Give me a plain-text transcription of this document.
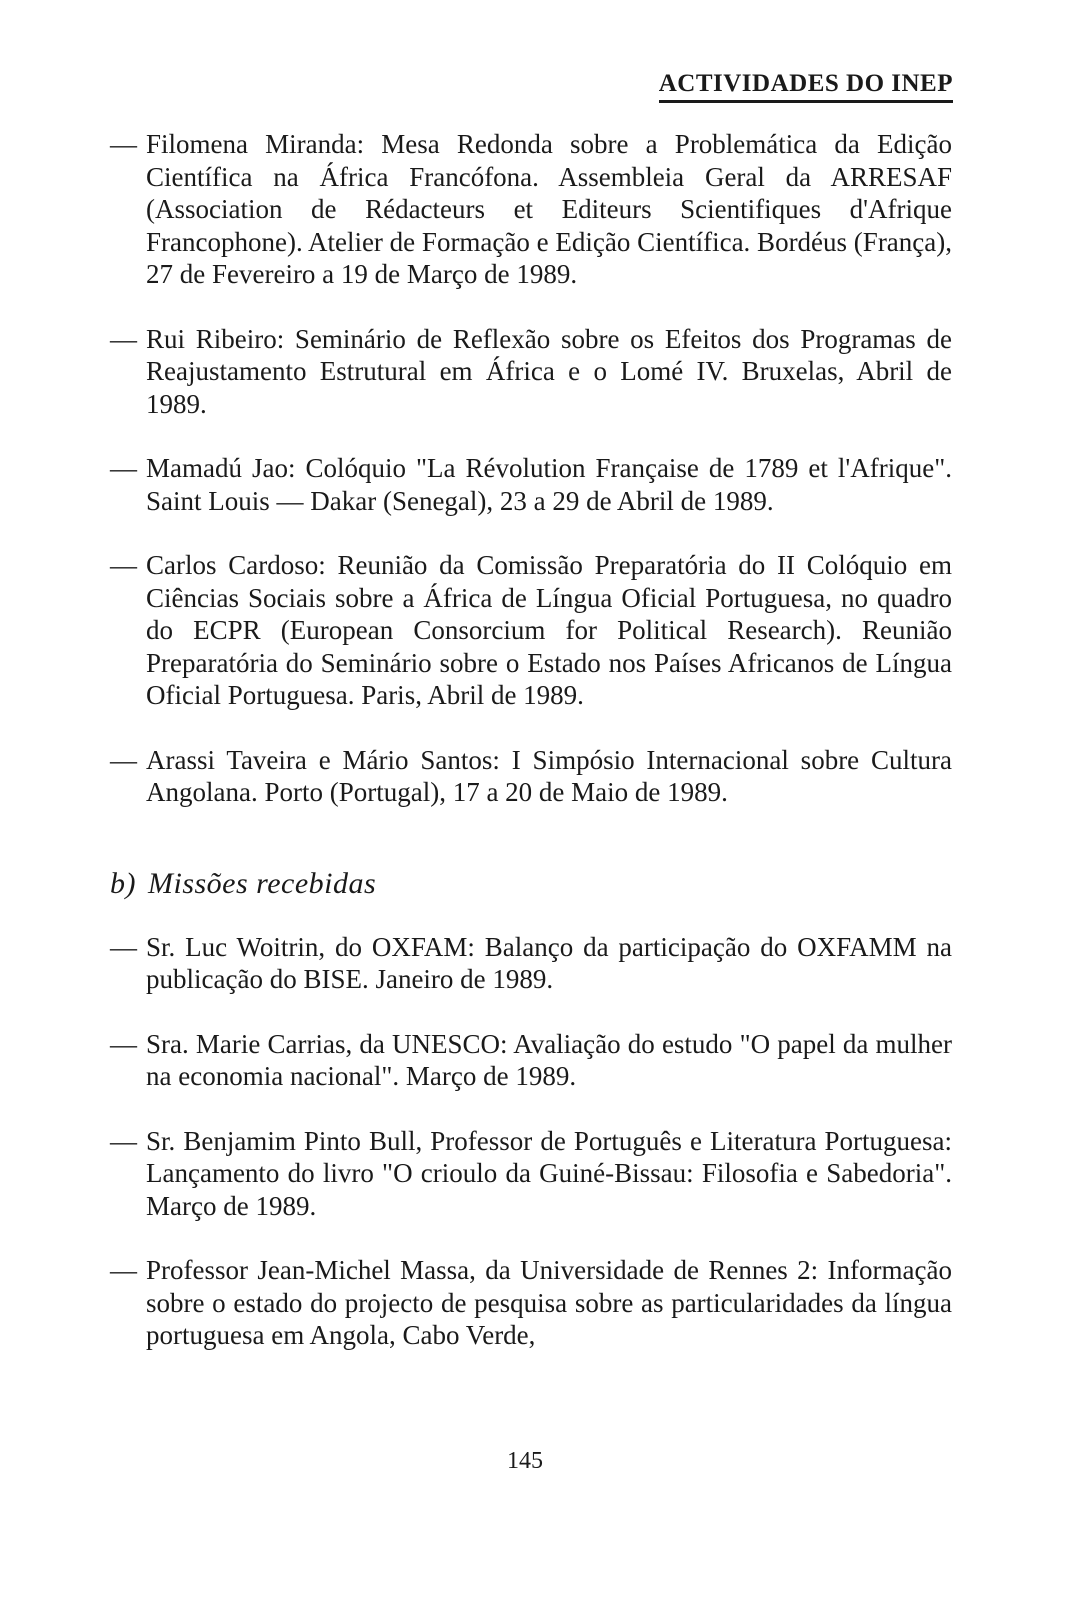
ACTIVIDADES DO INEP
— Filomena Miranda: Mesa Redonda sobre a Problemática da Edição Científica na África Francófona. Assembleia Geral da ARRESAF (Association de Rédacteurs et Editeurs Scientifiques d'Afrique Francophone). Atelier de Formação e Edição Científica. Bordéus (França), 27 de Fevereiro a 19 de Março de 1989.
— Rui Ribeiro: Seminário de Reflexão sobre os Efeitos dos Programas de Reajustamento Estrutural em África e o Lomé IV. Bruxelas, Abril de 1989.
— Mamadú Jao: Colóquio "La Révolution Française de 1789 et l'Afrique". Saint Louis — Dakar (Senegal), 23 a 29 de Abril de 1989.
— Carlos Cardoso: Reunião da Comissão Preparatória do II Colóquio em Ciências Sociais sobre a África de Língua Oficial Portuguesa, no quadro do ECPR (European Consorcium for Political Research). Reunião Preparatória do Seminário sobre o Estado nos Países Africanos de Língua Oficial Portuguesa. Paris, Abril de 1989.
— Arassi Taveira e Mário Santos: I Simpósio Internacional sobre Cultura Angolana. Porto (Portugal), 17 a 20 de Maio de 1989.
b) Missões recebidas
— Sr. Luc Woitrin, do OXFAM: Balanço da participação do OXFAMM na publicação do BISE. Janeiro de 1989.
— Sra. Marie Carrias, da UNESCO: Avaliação do estudo "O papel da mulher na economia nacional". Março de 1989.
— Sr. Benjamim Pinto Bull, Professor de Português e Literatura Portuguesa: Lançamento do livro "O crioulo da Guiné-Bissau: Filosofia e Sabedoria". Março de 1989.
— Professor Jean-Michel Massa, da Universidade de Rennes 2: Informação sobre o estado do projecto de pesquisa sobre as particularidades da língua portuguesa em Angola, Cabo Verde,
145
